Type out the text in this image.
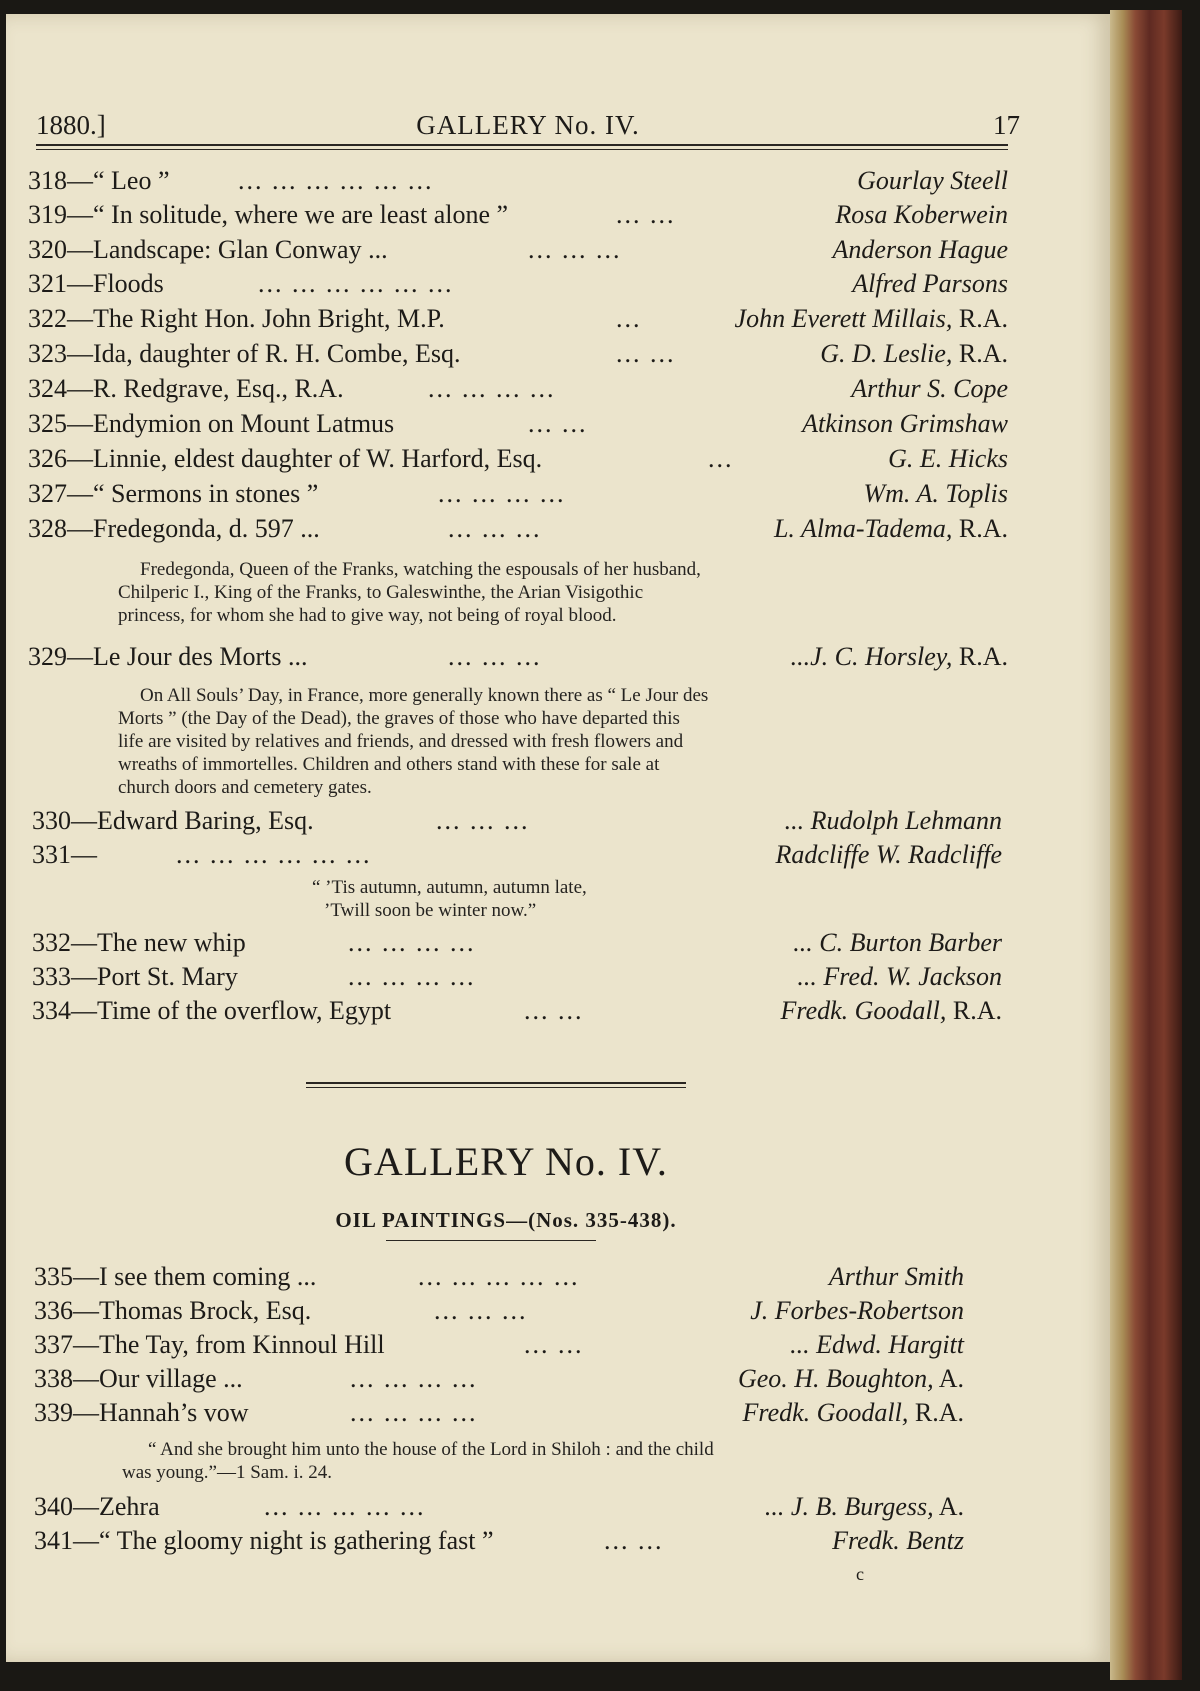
1880.]	GALLERY No. IV.	17
318—“ Leo ”	... ... ... ... ... ...	Gourlay Steell
319—“ In solitude, where we are least alone ”	... ...	Rosa Koberwein
320—Landscape: Glan Conway ...	... ... ...	Anderson Hague
321—Floods	... ... ... ... ... ...	Alfred Parsons
322—The Right Hon. John Bright, M.P.	...	John Everett Millais, R.A.
323—Ida, daughter of R. H. Combe, Esq.	... ...	G. D. Leslie, R.A.
324—R. Redgrave, Esq., R.A.	... ... ... ...	Arthur S. Cope
325—Endymion on Mount Latmus	... ...	Atkinson Grimshaw
326—Linnie, eldest daughter of W. Harford, Esq.	...	G. E. Hicks
327—“ Sermons in stones ”	... ... ... ...	Wm. A. Toplis
328—Fredegonda, d. 597 ...	... ... ...	L. Alma-Tadema, R.A.
Fredegonda, Queen of the Franks, watching the espousals of her husband,
Chilperic I., King of the Franks, to Galeswinthe, the Arian Visigothic
princess, for whom she had to give way, not being of royal blood.
329—Le Jour des Morts ...	... ... ...	...J. C. Horsley, R.A.
On All Souls’ Day, in France, more generally known there as “ Le Jour des
Morts ” (the Day of the Dead), the graves of those who have departed this
life are visited by relatives and friends, and dressed with fresh flowers and
wreaths of immortelles. Children and others stand with these for sale at
church doors and cemetery gates.
330—Edward Baring, Esq.	... ... ...	... Rudolph Lehmann
331—	... ... ... ... ... ...	Radcliffe W. Radcliffe
“ ’Tis autumn, autumn, autumn late,
’Twill soon be winter now.”
332—The new whip	... ... ... ...	... C. Burton Barber
333—Port St. Mary	... ... ... ...	... Fred. W. Jackson
334—Time of the overflow, Egypt	... ...	Fredk. Goodall, R.A.
GALLERY No. IV.
OIL PAINTINGS—(Nos. 335-438).
335—I see them coming ...	... ... ... ... ...	Arthur Smith
336—Thomas Brock, Esq.	... ... ...	J. Forbes-Robertson
337—The Tay, from Kinnoul Hill	... ...	... Edwd. Hargitt
338—Our village ...	... ... ... ...	Geo. H. Boughton, A.
339—Hannah’s vow	... ... ... ...	Fredk. Goodall, R.A.
“ And she brought him unto the house of the Lord in Shiloh : and the child
was young.”—1 Sam. i. 24.
340—Zehra	... ... ... ... ...	... J. B. Burgess, A.
341—“ The gloomy night is gathering fast ”	... ...	Fredk. Bentz
c
